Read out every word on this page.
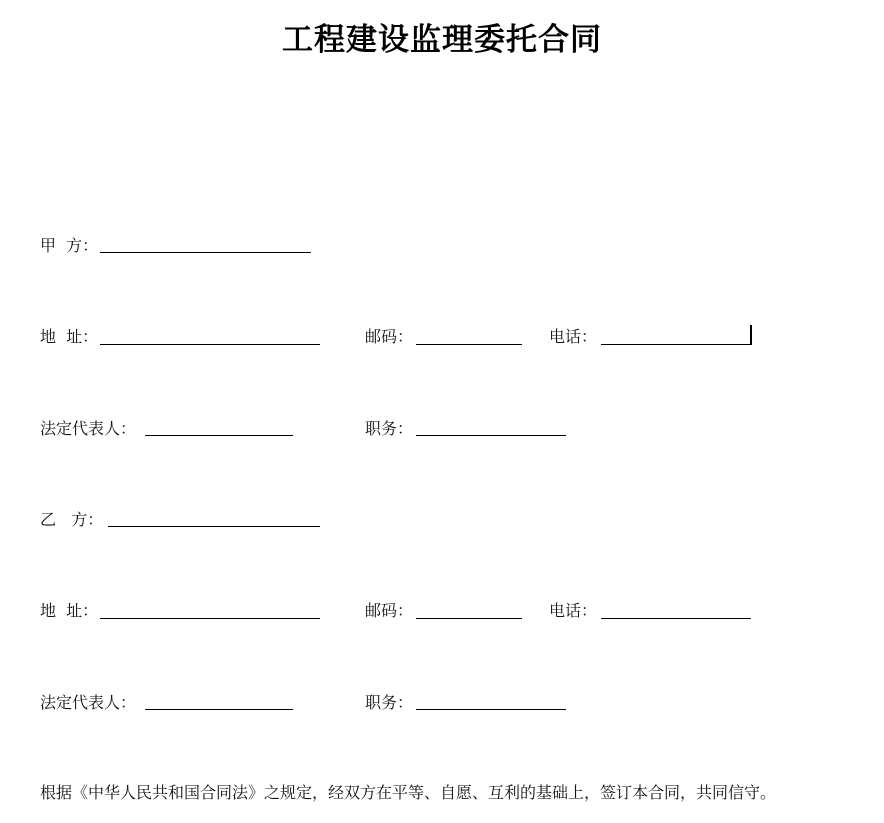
工程建设监理委托合同
甲  方：
地  址：	邮码：	电话：
法定代表人：	职务：
乙   方：
地  址：	邮码：	电话：
法定代表人：	职务：
根据《中华人民共和国合同法》之规定，经双方在平等、自愿、互利的基础上，签订本合同，共同信守。
